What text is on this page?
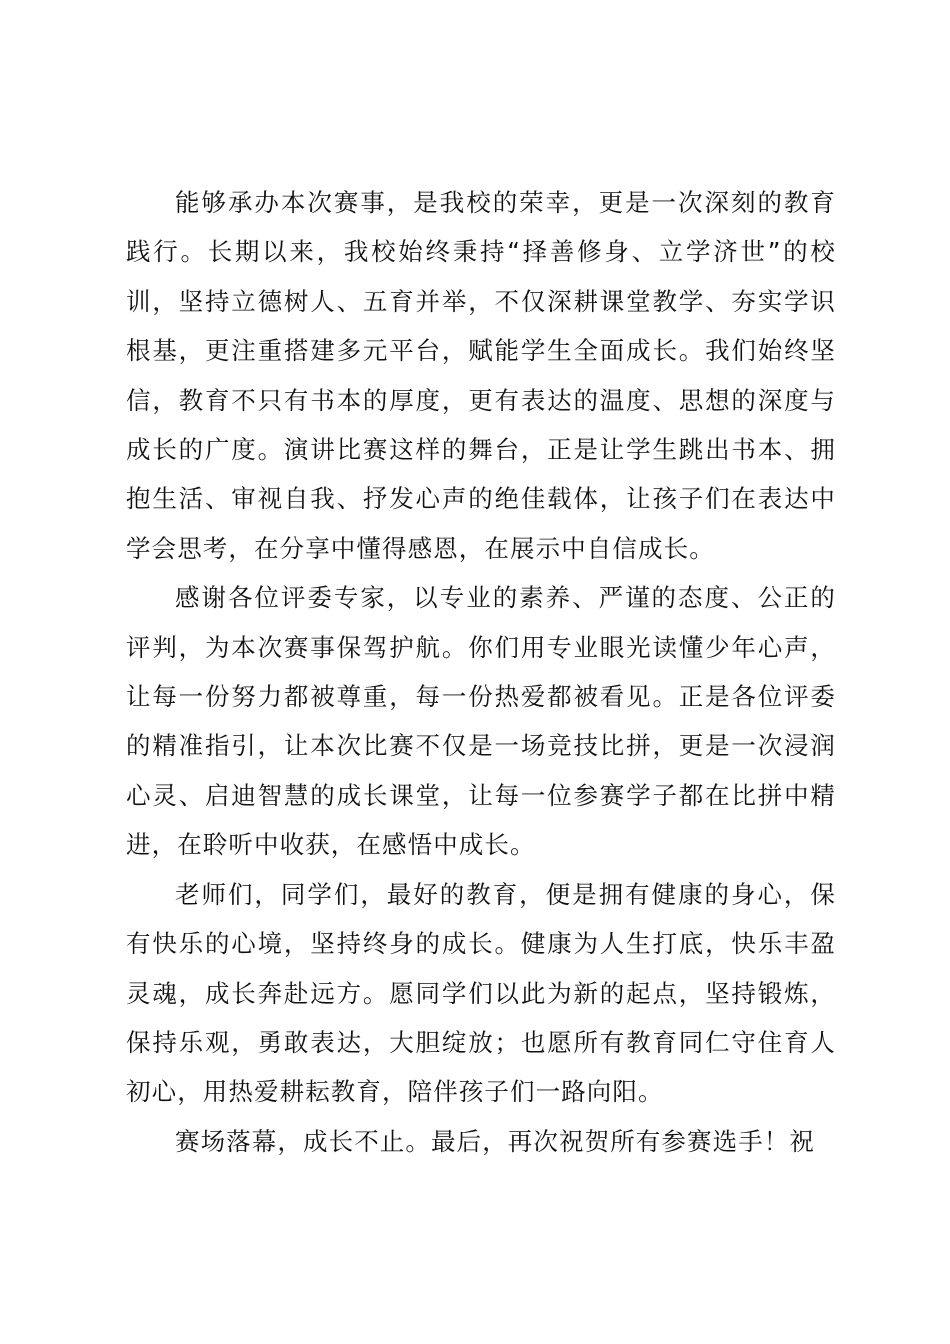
能够承办本次赛事，是我校的荣幸，更是一次深刻的教育践行。长期以来，我校始终秉持“择善修身、立学济世”的校训，坚持立德树人、五育并举，不仅深耕课堂教学、夯实学识根基，更注重搭建多元平台，赋能学生全面成长。我们始终坚信，教育不只有书本的厚度，更有表达的温度、思想的深度与成长的广度。演讲比赛这样的舞台，正是让学生跳出书本、拥抱生活、审视自我、抒发心声的绝佳载体，让孩子们在表达中学会思考，在分享中懂得感恩，在展示中自信成长。

感谢各位评委专家，以专业的素养、严谨的态度、公正的评判，为本次赛事保驾护航。你们用专业眼光读懂少年心声，让每一份努力都被尊重，每一份热爱都被看见。正是各位评委的精准指引，让本次比赛不仅是一场竞技比拼，更是一次浸润心灵、启迪智慧的成长课堂，让每一位参赛学子都在比拼中精进，在聆听中收获，在感悟中成长。

老师们，同学们，最好的教育，便是拥有健康的身心，保有快乐的心境，坚持终身的成长。健康为人生打底，快乐丰盈灵魂，成长奔赴远方。愿同学们以此为新的起点，坚持锻炼，保持乐观，勇敢表达，大胆绽放；也愿所有教育同仁守住育人初心，用热爱耕耘教育，陪伴孩子们一路向阳。

赛场落幕，成长不止。最后，再次祝贺所有参赛选手！祝
